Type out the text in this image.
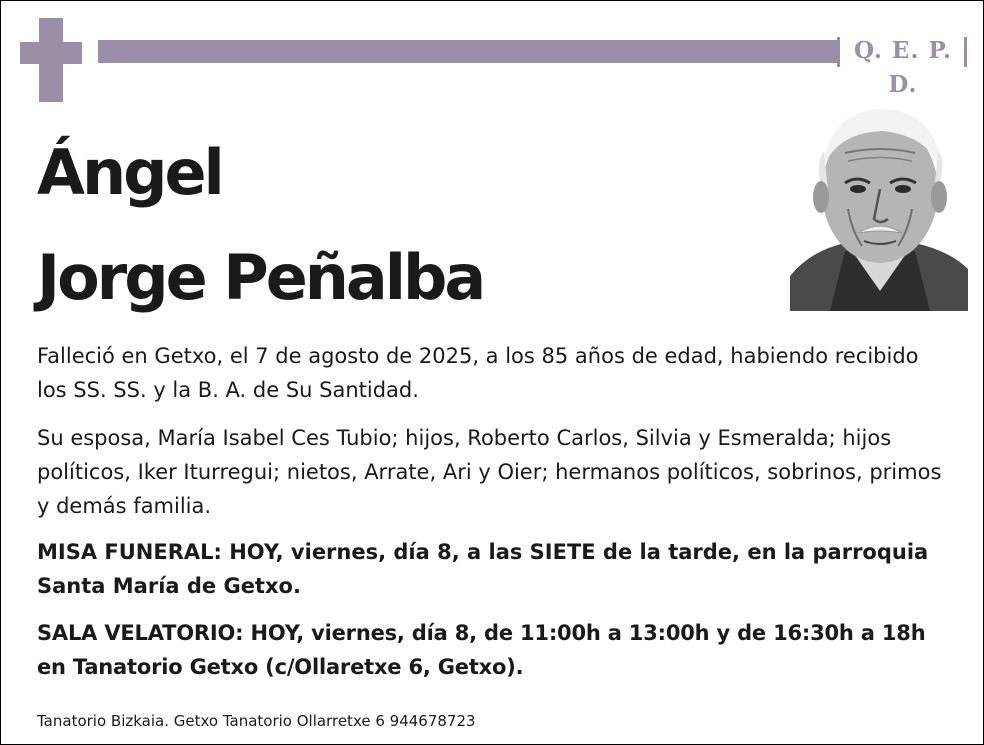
Q. E. P. D.
Ángel
Jorge Peñalba

Falleció en Getxo, el 7 de agosto de 2025, a los 85 años de edad, habiendo recibido los SS. SS. y la B. A. de Su Santidad.

Su esposa, María Isabel Ces Tubio; hijos, Roberto Carlos, Silvia y Esmeralda; hijos políticos, Iker Iturregui; nietos, Arrate, Ari y Oier; hermanos políticos, sobrinos, primos y demás familia.

MISA FUNERAL: HOY, viernes, día 8, a las SIETE de la tarde, en la parroquia Santa María de Getxo.

SALA VELATORIO: HOY, viernes, día 8, de 11:00h a 13:00h y de 16:30h a 18h en Tanatorio Getxo (c/Ollaretxe 6, Getxo).

Tanatorio Bizkaia. Getxo Tanatorio Ollarretxe 6 944678723
